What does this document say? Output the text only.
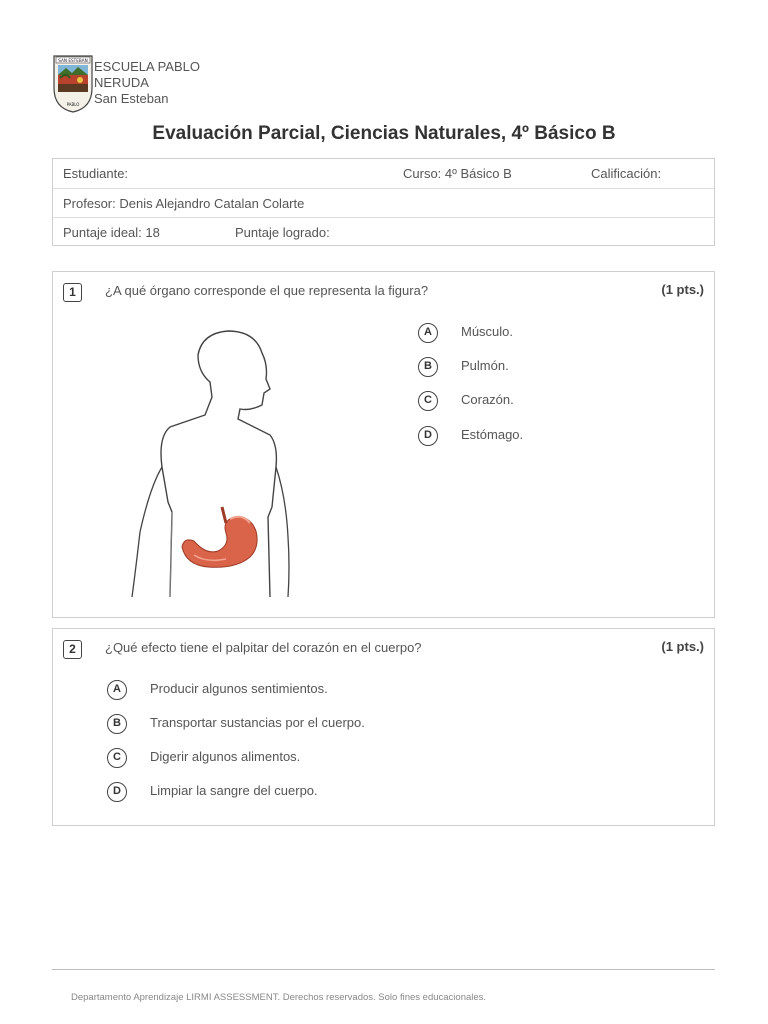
SAN ESTEBAN
PABLO
ESCUELA PABLO
NERUDA
San Esteban
Evaluación Parcial, Ciencias Naturales, 4º Básico B
Estudiante:	Curso: 4º Básico B	Calificación:
Profesor: Denis Alejandro Catalan Colarte
Puntaje ideal: 18	Puntaje logrado:
1	¿A qué órgano corresponde el que representa la figura?	(1 pts.)
A	Músculo.
B	Pulmón.
C	Corazón.
D	Estómago.
2	¿Qué efecto tiene el palpitar del corazón en el cuerpo?	(1 pts.)
A	Producir algunos sentimientos.
B	Transportar sustancias por el cuerpo.
C	Digerir algunos alimentos.
D	Limpiar la sangre del cuerpo.
Departamento Aprendizaje LIRMI ASSESSMENT. Derechos reservados. Solo fines educacionales.
